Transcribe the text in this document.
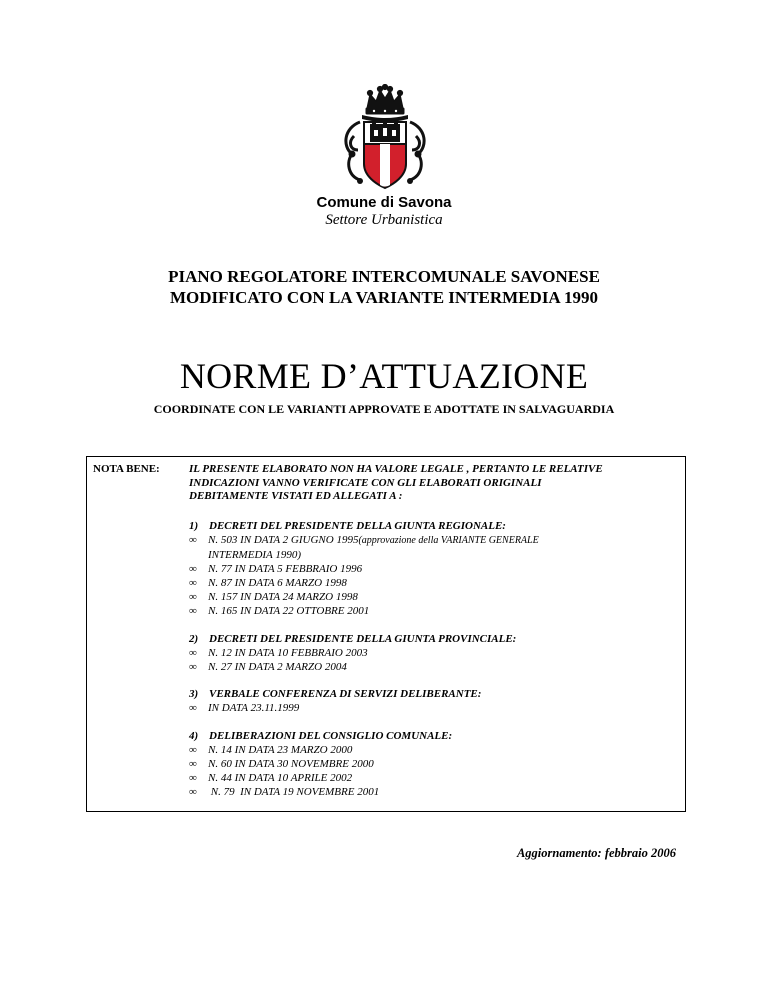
Comune di Savona
Settore Urbanistica
PIANO REGOLATORE INTERCOMUNALE SAVONESE
MODIFICATO CON LA VARIANTE INTERMEDIA 1990
NORME D’ATTUAZIONE
COORDINATE CON LE VARIANTI APPROVATE E ADOTTATE IN SALVAGUARDIA
NOTA BENE:	IL PRESENTE ELABORATO NON HA VALORE LEGALE , PERTANTO LE RELATIVE
INDICAZIONI VANNO VERIFICATE CON GLI ELABORATI ORIGINALI
DEBITAMENTE VISTATI ED ALLEGATI A :
1) DECRETI DEL PRESIDENTE DELLA GIUNTA REGIONALE:
∞ N. 503 IN DATA 2 GIUGNO 1995(approvazione della VARIANTE GENERALE
INTERMEDIA 1990)
∞ N. 77 IN DATA 5 FEBBRAIO 1996
∞ N. 87 IN DATA 6 MARZO 1998
∞ N. 157 IN DATA 24 MARZO 1998
∞ N. 165 IN DATA 22 OTTOBRE 2001
2) DECRETI DEL PRESIDENTE DELLA GIUNTA PROVINCIALE:
∞ N. 12 IN DATA 10 FEBBRAIO 2003
∞ N. 27 IN DATA 2 MARZO 2004
3) VERBALE CONFERENZA DI SERVIZI DELIBERANTE:
∞ IN DATA 23.11.1999
4) DELIBERAZIONI DEL CONSIGLIO COMUNALE:
∞ N. 14 IN DATA 23 MARZO 2000
∞ N. 60 IN DATA 30 NOVEMBRE 2000
∞ N. 44 IN DATA 10 APRILE 2002
∞ N. 79  IN DATA 19 NOVEMBRE 2001
Aggiornamento: febbraio 2006
